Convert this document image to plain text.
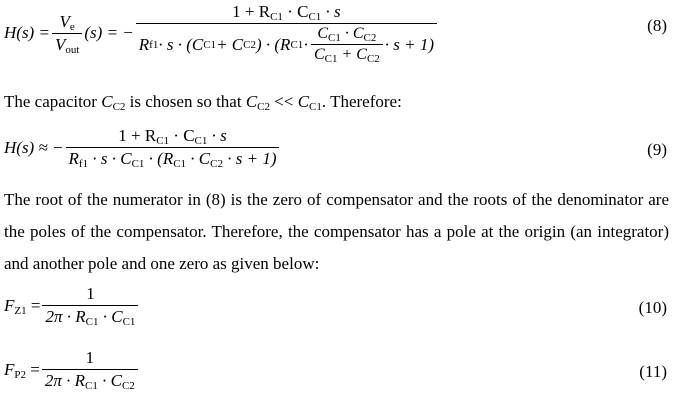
$H(s) = \frac{V_e}{V_{out}} (s)$ = −
$1 + R_{C1} \cdot C_{C1} \cdot s$
R f1 · s · (C C1 + C C2 ) · (R $C1 \cdot \frac{C_{C1} \cdot C_{C2}}{C_{C1} + C_{C2}} \cdot s + 1$)
(8)
The capacitor $C_{C2}$ is chosen so that $C_{C2} << C_{C1}$. Therefore:
H(s) ≈ − $\frac{1 + R_{C1} \cdot C_{C1} \cdot s}{R_{f1} \cdot s \cdot C_{C1} \cdot (R_{C1} \cdot C_{C2} \cdot s + 1)}$	(9)
The root of the numerator in (8) is the zero of compensator and the roots of the denominator are the poles of the compensator. Therefore, the compensator has a pole at the origin (an integrator) and another pole and one zero as given below:
$F_{Z1} = \frac{1}{2\pi \cdot R_{C1} \cdot C_{C1}}$	(10)
$F_{P2} = \frac{1}{2\pi \cdot R_{C1} \cdot C_{C2}}$	(11)
